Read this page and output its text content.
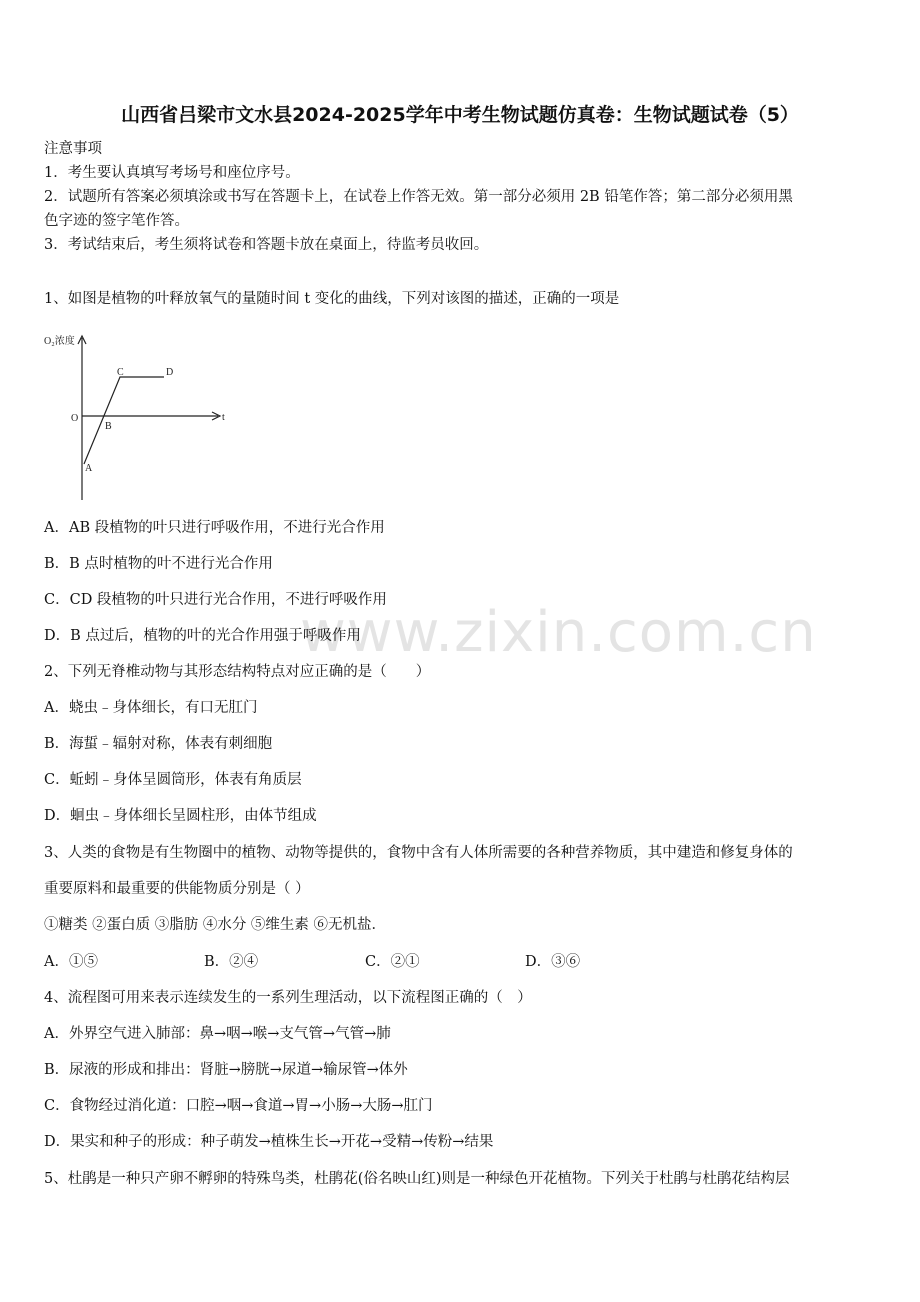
www.zixin.com.cn
山西省吕梁市文水县2024-2025学年中考生物试题仿真卷：生物试题试卷（5）
注意事项
1．考生要认真填写考场号和座位序号。
2．试题所有答案必须填涂或书写在答题卡上，在试卷上作答无效。第一部分必须用 2B 铅笔作答；第二部分必须用黑
色字迹的签字笔作答。
3．考试结束后，考生须将试卷和答题卡放在桌面上，待监考员收回。
1、如图是植物的叶释放氧气的量随时间 t 变化的曲线，下列对该图的描述，正确的一项是
O₂浓度
t
O
A
B
C	D
A．AB 段植物的叶只进行呼吸作用，不进行光合作用
B．B 点时植物的叶不进行光合作用
C．CD 段植物的叶只进行光合作用，不进行呼吸作用
D．B 点过后，植物的叶的光合作用强于呼吸作用
2、下列无脊椎动物与其形态结构特点对应正确的是（　　）
A．蛲虫﹣身体细长，有口无肛门
B．海蜇﹣辐射对称，体表有刺细胞
C．蚯蚓﹣身体呈圆筒形，体表有角质层
D．蛔虫﹣身体细长呈圆柱形，由体节组成
3、人类的食物是有生物圈中的植物、动物等提供的，食物中含有人体所需要的各种营养物质，其中建造和修复身体的
重要原料和最重要的供能物质分别是（ ）
①糖类 ②蛋白质 ③脂肪 ④水分 ⑤维生素 ⑥无机盐．
A．①⑤	B．②④	C．②①	D．③⑥
4、流程图可用来表示连续发生的一系列生理活动，以下流程图正确的（　）
A．外界空气进入肺部：鼻→咽→喉→支气管→气管→肺
B．尿液的形成和排出：肾脏→膀胱→尿道→输尿管→体外
C．食物经过消化道：口腔→咽→食道→胃→小肠→大肠→肛门
D．果实和种子的形成：种子萌发→植株生长→开花→受精→传粉→结果
5、杜鹃是一种只产卵不孵卵的特殊鸟类，杜鹃花(俗名映山红)则是一种绿色开花植物。下列关于杜鹃与杜鹃花结构层
